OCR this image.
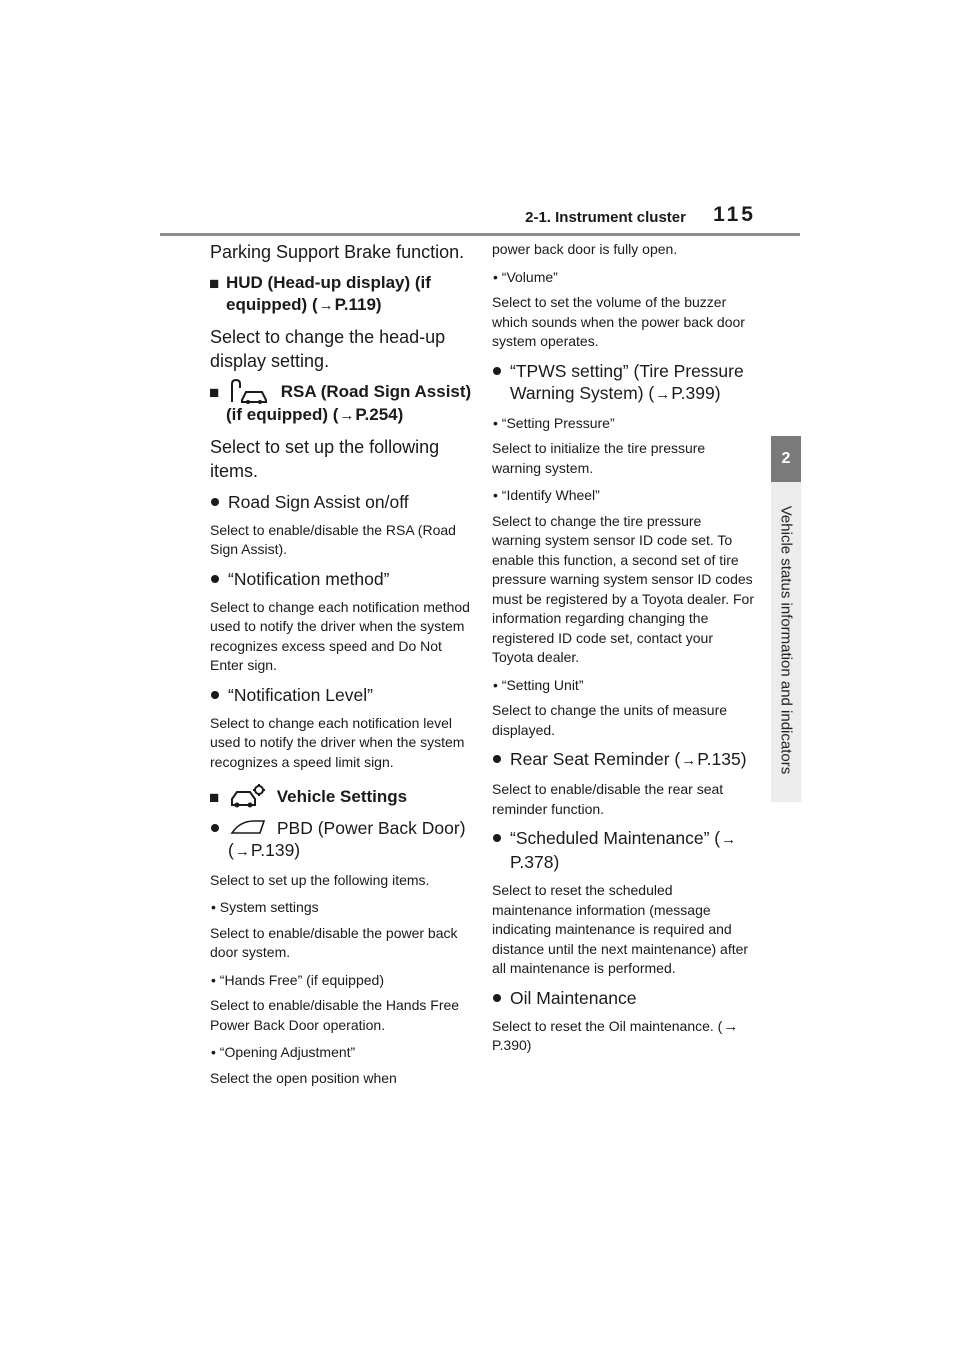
2-1. Instrument cluster 115
2
Vehicle status information and indicators

Parking Support Brake function.

■ HUD (Head-up display) (if equipped) (→P.119)

Select to change the head-up display setting.

■	RSA (Road Sign Assist) (if equipped) (→P.254)

Select to set up the following items.

Road Sign Assist on/off

Select to enable/disable the RSA (Road Sign Assist).

“Notification method”

Select to change each notification method used to notify the driver when the system recognizes excess speed and Do Not Enter sign.

“Notification Level”

Select to change each notification level used to notify the driver when the system recognizes a speed limit sign.

■	Vehicle Settings
PBD (Power Back Door) (→P.139)

Select to set up the following items.

• System settings

Select to enable/disable the power back door system.

• “Hands Free” (if equipped)

Select to enable/disable the Hands Free Power Back Door operation.

• “Opening Adjustment”

Select the open position when

power back door is fully open.

• “Volume”

Select to set the volume of the buzzer which sounds when the power back door system operates.

“TPWS setting” (Tire Pressure Warning System) (→P.399)

• “Setting Pressure”

Select to initialize the tire pressure warning system.

• “Identify Wheel”

Select to change the tire pressure warning system sensor ID code set. To enable this function, a second set of tire pressure warning system sensor ID codes must be registered by a Toyota dealer. For information regarding changing the registered ID code set, contact your Toyota dealer.

• “Setting Unit”

Select to change the units of measure displayed.

Rear Seat Reminder (→P.135)

Select to enable/disable the rear seat reminder function.

“Scheduled Maintenance” (→P.378)

Select to reset the scheduled maintenance information (message indicating maintenance is required and distance until the next maintenance) after all maintenance is performed.

Oil Maintenance

Select to reset the Oil maintenance. (→P.390)
